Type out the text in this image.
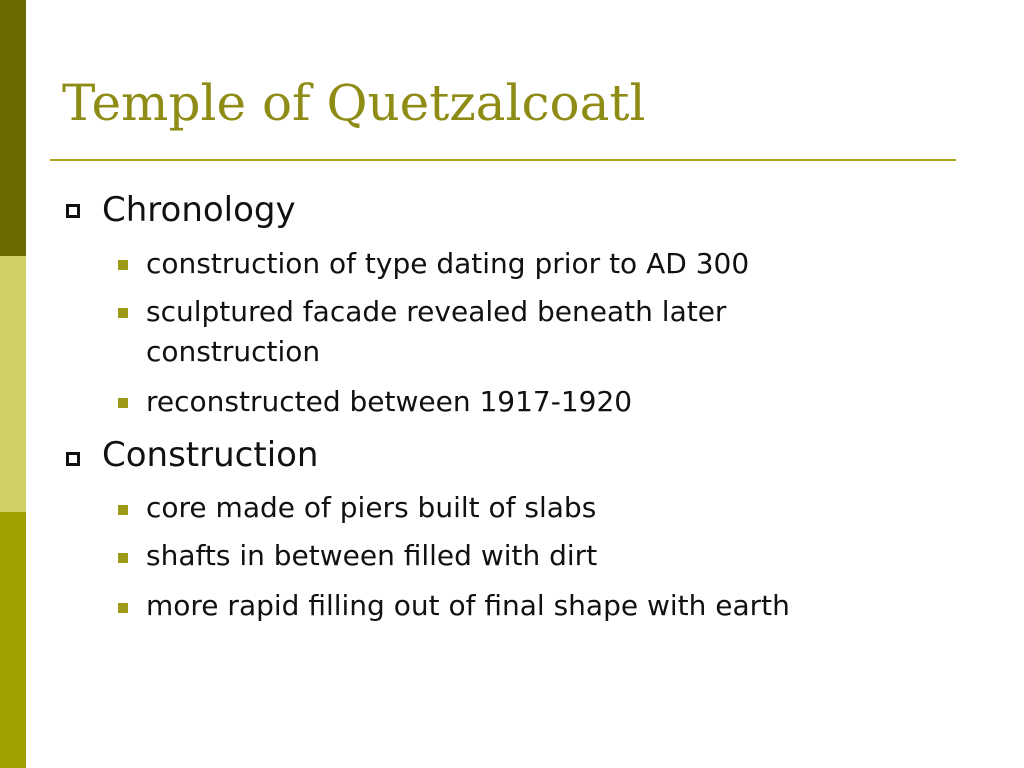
Temple of Quetzalcoatl
Chronology
construction of type dating prior to AD 300
sculptured facade revealed beneath later construction
reconstructed between 1917-1920
Construction
core made of piers built of slabs
shafts in between filled with dirt
more rapid filling out of final shape with earth
